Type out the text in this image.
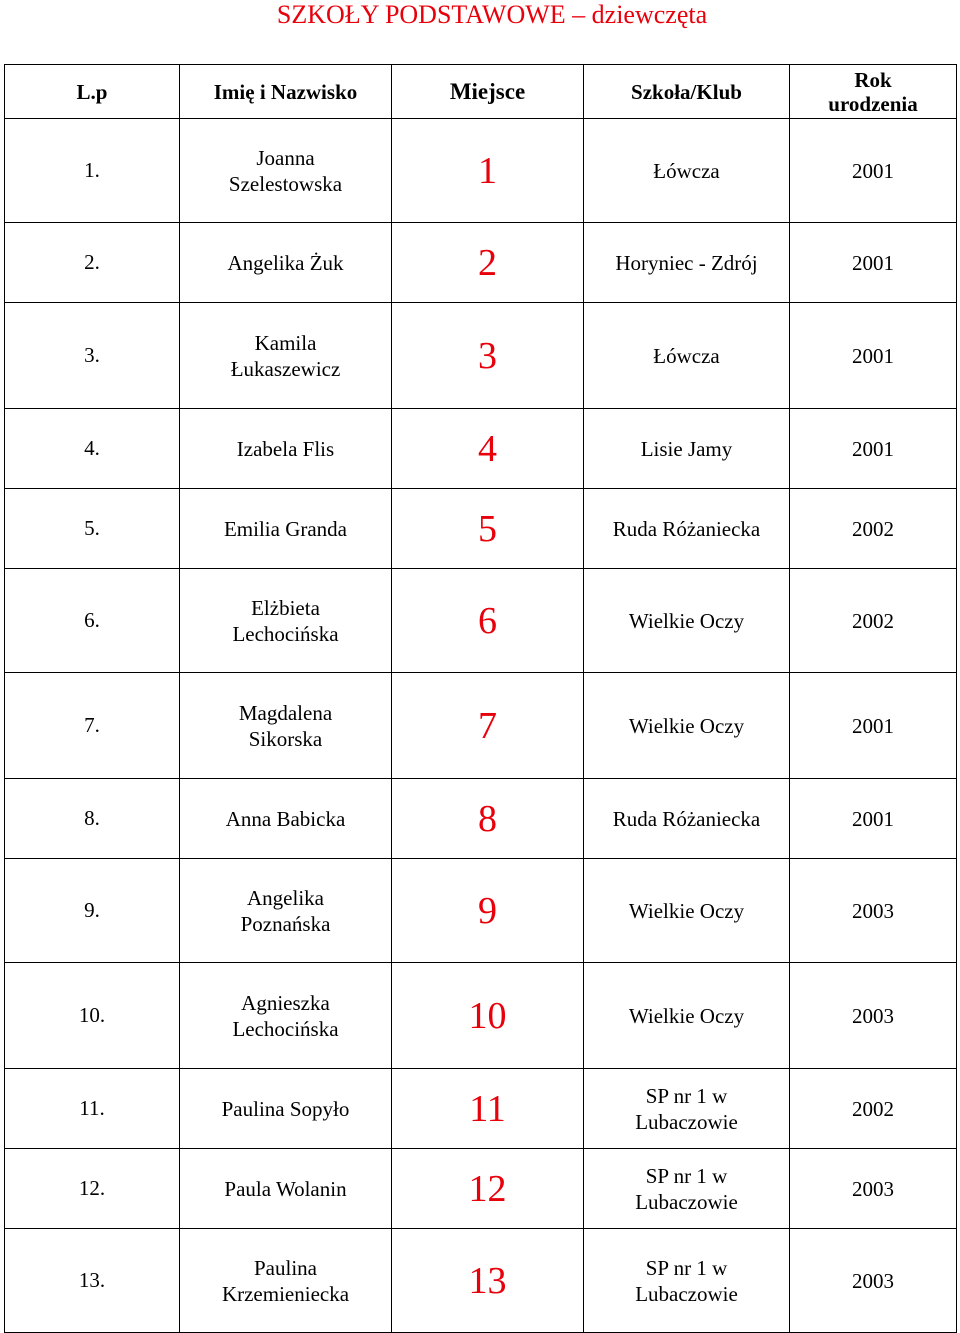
SZKOŁY PODSTAWOWE – dziewczęta
L.p	Imię i Nazwisko	Miejsce	Szkoła/Klub	Rok
urodzenia
1.	Joanna
Szelestowska	1	Łówcza	2001
2.	Angelika Żuk	2	Horyniec - Zdrój	2001
3.	Kamila
Łukaszewicz	3	Łówcza	2001
4.	Izabela Flis	4	Lisie Jamy	2001
5.	Emilia Granda	5	Ruda Różaniecka	2002
6.	Elżbieta
Lechocińska	6	Wielkie Oczy	2002
7.	Magdalena
Sikorska	7	Wielkie Oczy	2001
8.	Anna Babicka	8	Ruda Różaniecka	2001
9.	Angelika
Poznańska	9	Wielkie Oczy	2003
10.	Agnieszka
Lechocińska	10	Wielkie Oczy	2003
11.	Paulina Sopyło	11	SP nr 1 w
Lubaczowie	2002
12.	Paula Wolanin	12	SP nr 1 w
Lubaczowie	2003
13.	Paulina
Krzemieniecka	13	SP nr 1 w
Lubaczowie	2003
